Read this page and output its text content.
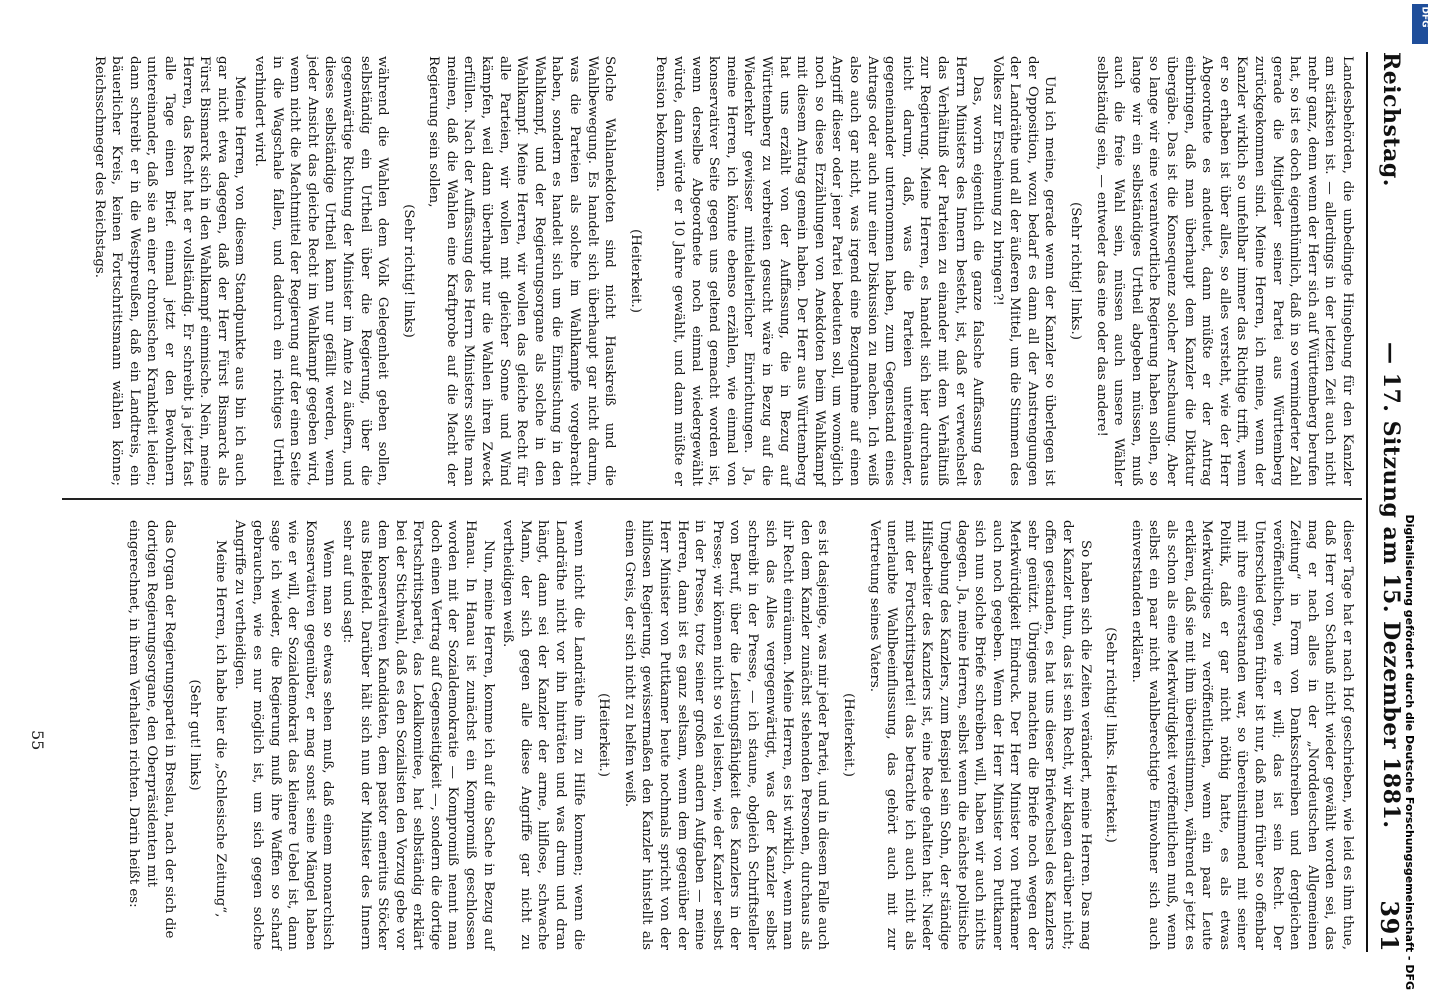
Reichstag.
— 17. Sitzung am 15. Dezember 1881.
391

Landesbehörden, die unbedingte Hingebung für den Kanzler am stärksten ist. — allerdings in der letzten Zeit auch nicht mehr ganz, denn wenn der Herr sich auf Württemberg berufen hat, so ist es doch eigenthümlich, daß in so verminderter Zahl gerade die Mitglieder seiner Partei aus Württemberg zurückgekommen sind. Meine Herren, ich meine, wenn der Kanzler wirklich so unfehlbar immer das Richtige trifft, wenn er so erhaben ist über alles, so alles versteht, wie der Herr Abgeordnete es andeutet, dann müßte er der Antrag einbringen, daß man überhaupt dem Kanzler die Diktatur übergäbe. Das ist die Konsequenz solcher Anschauung. Aber so lange wir eine verantwortliche Regierung haben sollen, so lange wir ein selbständiges Urtheil abgeben müssen, muß auch die freie Wahl sein, müssen auch unsere Wähler selbständig sein, — entweder das eine oder das andere!

(Sehr richtig! links.)

Und ich meine, gerade wenn der Kanzler so überlegen ist der Opposition, wozu bedarf es dann all der Anstrengungen der Landräthe und all der äußeren Mittel, um die Stimmen des Volkes zur Erscheinung zu bringen?!

Das, worin eigentlich die ganze falsche Auffassung des Herrn Ministers des Innern besteht, ist, daß er verwechselt das Verhältniß der Parteien zu einander mit dem Verhältniß zur Regierung. Meine Herren, es handelt sich hier durchaus nicht darum, daß, was die Parteien untereinander, gegeneinander unternommen haben, zum Gegenstand eines Antrags oder auch nur einer Diskussion zu machen. Ich weiß also auch gar nicht, was irgend eine Bezugnahme auf einen Angriff dieser oder jener Partei bedeuten soll, um womöglich noch so diese Erzählungen von Anekdoten beim Wahlkampf mit diesem Antrag gemein haben. Der Herr aus Württemberg hat uns erzählt von der Auffassung, die in Bezug auf Württemberg zu verbreiten gesucht wäre in Bezug auf die Wiederkehr gewisser mittelalterlicher Einrichtungen. Ja, meine Herren, ich könnte ebenso erzählen, wie einmal von konservativer Seite gegen uns geltend gemacht worden ist, wenn derselbe Abgeordnete noch einmal wiedergewählt würde, dann würde er 10 Jahre gewählt, und dann müßte er Pension bekommen.

(Heiterkeit.)

Solche Wahlanekdoten sind nicht Hauskreiß und die Wahlbewegung. Es handelt sich überhaupt gar nicht darum, was die Parteien als solche im Wahlkampfe vorgebracht haben, sondern es handelt sich um die Einmischung in den Wahlkampf, und der Regierungsorgane als solche in den Wahlkampf. Meine Herren, wir wollen das gleiche Recht für alle Parteien, wir wollen mit gleicher Sonne und Wind kämpfen, weil dann überhaupt nur die Wahlen ihren Zweck erfüllen. Nach der Auffassung des Herrn Ministers sollte man meinen, daß die Wahlen eine Kraftprobe auf die Macht der Regierung sein sollen,

(Sehr richtig! links)

während die Wahlen dem Volk Gelegenheit geben sollen, selbständig ein Urtheil über die Regierung, über die gegenwärtige Richtung der Minister im Amte zu äußern, und dieses selbständige Urtheil kann nur gefällt werden, wenn jeder Ansicht das gleiche Recht im Wahlkampf gegeben wird, wenn nicht die Machtmittel der Regierung auf der einen Seite in die Wagschale fallen, und dadurch ein richtiges Urtheil verhindert wird.

Meine Herren, von diesem Standpunkte aus bin ich auch gar nicht etwa dagegen, daß der Herr Fürst Bismarck als Fürst Bismarck sich in den Wahlkampf einmische. Nein, meine Herren, das Recht hat er vollständig. Er schreibt ja jetzt fast alle Tage einen Brief. einmal jetzt er den Bewohnern untereinander, daß sie an einer chronischen Krankheit leiden; dann schreibt er in die Westpreußen, daß ein Landtreis, ein bäuerlicher Kreis, keinen Fortschrittsmann wählen könne; Reichsschmeger des Reichstags.

dieser Tage hat er nach Hof geschrieben, wie leid es ihm thue, daß Herr von Schauß nicht wieder gewählt worden sei, das mag er nach alles in der „Norddeutschen Allgemeinen Zeitung“ in Form von Danksschreiben und dergleichen veröffentlichen, wie er will; das ist sein Recht. Der Unterschied gegen früher ist nur, daß man früher so offenbar mit ihre einverstanden war, so übereinstimmend mit seiner Politik, daß er gar nicht nöthig hatte, es als etwas Merkwürdiges zu veröffentlichen, wenn ein paar Leute erklären, daß sie mit ihm übereinstimmen, während er jetzt es als schon als eine Merkwürdigkeit veröffentlichen muß, wenn selbst ein paar nicht wahlberechtigte Einwohner sich auch einverstanden erklären.

(Sehr richtig! links. Heiterkeit.)

So haben sich die Zeiten verändert, meine Herren. Das mag der Kanzler thun, das ist sein Recht, wir klagen darüber nicht; offen gestanden, es hat uns dieser Briefwechsel des Kanzlers sehr genützt. Übrigens machten die Briefe noch wegen der Merkwürdigkeit Eindruck. Der Herr Minister von Puttkamer auch noch gegeben. Wenn der Herr Minister von Puttkamer sich nun solche Briefe schreiben will, haben wir auch nichts dagegen. Ja, meine Herren, selbst wenn die nächste politische Umgebung des Kanzlers, zum Beispiel sein Sohn, der ständige Hilfsarbeiter des Kanzlers ist, eine Rede gehalten hat: Nieder mit der Fortschrittspartei! das betrachte ich auch nicht als unerlaubte Wahlbeeinflussung, das gehört auch mit zur Vertretung seines Vaters.

(Heiterkeit.)

es ist dasjenige, was mir jeder Partei, und in diesem Falle auch den dem Kanzler zunächst stehenden Personen, durchaus als ihr Recht einräumen. Meine Herren, es ist wirklich, wenn man sich das Alles vergegenwärtigt, was der Kanzler selbst schreibt in der Presse, — ich staune, obgleich Schriftsteller von Beruf, über die Leistungsfähigkeit des Kanzlers in der Presse; wir können nicht so viel leisten, wie der Kanzler selbst in der Presse, trotz seiner großen andern Aufgaben — meine Herren, dann ist es ganz seltsam, wenn dem gegenüber der Herr Minister von Puttkamer heute nochmals spricht von der hilflosen Regierung, gewissermaßen den Kanzler hinstellt als einen Greis, der sich nicht zu helfen weiß.

(Heiterkeit.)

wenn nicht die Landräthe ihm zu Hilfe kommen; wenn die Landräthe nicht vor ihn hinträten und was drum und dran hängt, dann sei der Kanzler der arme, hilflose, schwache Mann, der sich gegen alle diese Angriffe gar nicht zu vertheidigen weiß.

Nun, meine Herren, komme ich auf die Sache in Bezug auf Hanau. In Hanau ist zunächst ein Kompromiß geschlossen worden mit der Sozialdemokratie — Kompromiß nennt man doch einen Vertrag auf Gegenseitigkeit —, sondern die dortige Fortschrittspartei, das Lokalkomitee, hat selbständig erklärt bei der Stichwahl, daß es den Sozialisten den Vorzug gebe vor dem konservativen Kandidaten, dem pastor emeritus Stöcker aus Bielefeld. Darüber hält sich nun der Minister des Innern sehr auf und sagt:

Wenn man so etwas sehen muß, daß einem monarchisch Konservativen gegenüber, er mag sonst seine Mängel haben wie er will, der Sozialdemokrat das kleinere Uebel ist, dann sage ich wieder, die Regierung muß ihre Waffen so scharf gebrauchen, wie es nur möglich ist, um sich gegen solche Angriffe zu vertheidigen.

Meine Herren, ich habe hier die „Schlesische Zeitung“,

(Sehr gut! links)

das Organ der Regierungspartei in Breslau, nach der sich die dortigen Regierungsorgane, den Oberpräsidenten mit eingerechnet, in ihrem Verhalten richten. Darin heißt es:

55	Digitalisierung gefördert durch die Deutsche Forschungsgemeinschaft - DFG
DFG
